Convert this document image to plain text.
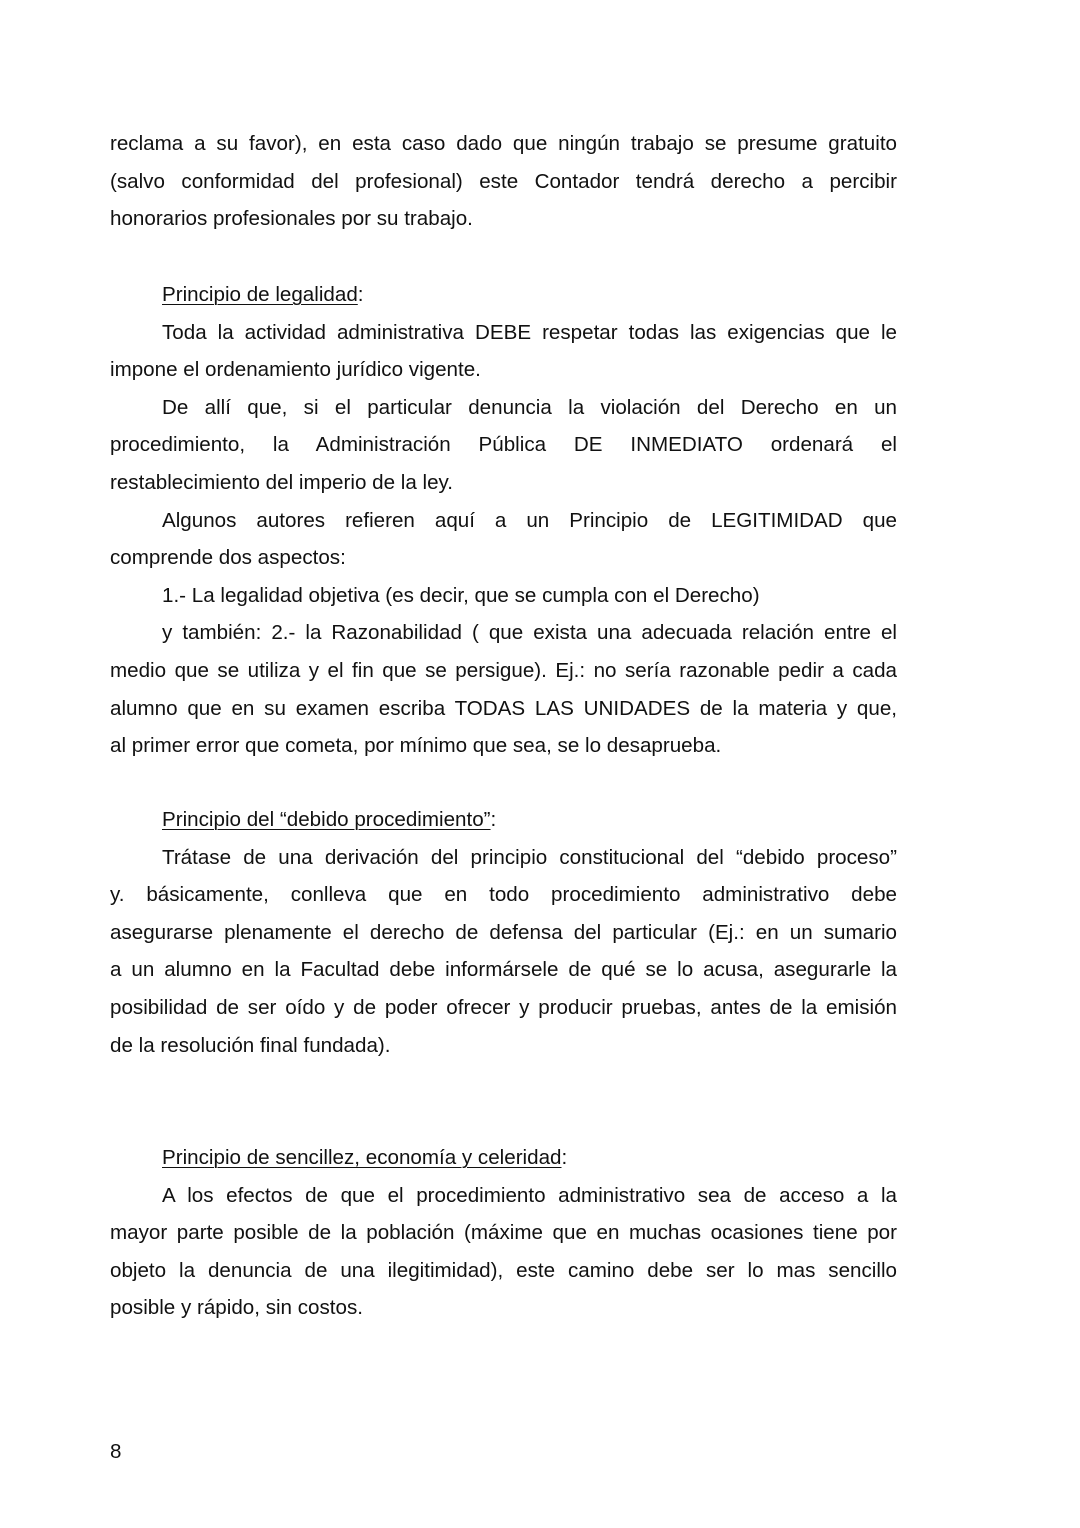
reclama a su favor), en esta caso dado que ningún trabajo se presume gratuito
(salvo conformidad del profesional) este Contador tendrá derecho a percibir
honorarios profesionales por su trabajo.
Principio de legalidad:
Toda la actividad administrativa DEBE respetar todas las exigencias que le
impone el ordenamiento jurídico vigente.
De allí que, si el particular denuncia la violación del Derecho en un
procedimiento, la Administración Pública DE INMEDIATO ordenará el
restablecimiento del imperio de la ley.
Algunos autores refieren aquí a un Principio de LEGITIMIDAD que
comprende dos aspectos:
1.- La legalidad objetiva (es decir, que se cumpla con el Derecho)
y también: 2.- la Razonabilidad ( que exista una adecuada relación entre el
medio que se utiliza y el fin que se persigue). Ej.: no sería razonable pedir a cada
alumno que en su examen escriba TODAS LAS UNIDADES de la materia y que,
al primer error que cometa, por mínimo que sea, se lo desaprueba.
Principio del “debido procedimiento”:
Trátase de una derivación del principio constitucional del “debido proceso”
y. básicamente, conlleva que en todo procedimiento administrativo debe
asegurarse plenamente el derecho de defensa del particular (Ej.: en un sumario
a un alumno en la Facultad debe informársele de qué se lo acusa, asegurarle la
posibilidad de ser oído y de poder ofrecer y producir pruebas, antes de la emisión
de la resolución final fundada).
Principio de sencillez, economía y celeridad:
A los efectos de que el procedimiento administrativo sea de acceso a la
mayor parte posible de la población (máxime que en muchas ocasiones tiene por
objeto la denuncia de una ilegitimidad), este camino debe ser lo mas sencillo
posible y rápido, sin costos.
8
